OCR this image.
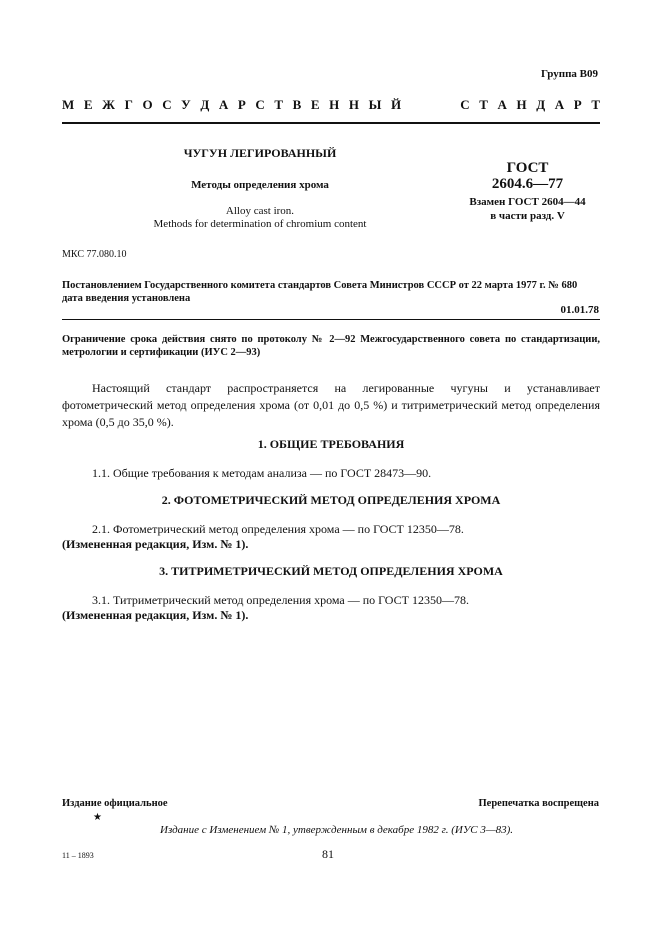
Группа В09
М Е Ж Г О С У Д А Р С Т В Е Н Н Ы Й	С Т А Н Д А Р Т
ЧУГУН ЛЕГИРОВАННЫЙ
Методы определения хрома
Alloy cast iron.
Methods for determination of chromium content
ГОСТ
2604.6—77
Взамен ГОСТ 2604—44
в части разд. V
МКС 77.080.10
Постановлением Государственного комитета стандартов Совета Министров СССР от 22 марта 1977 г. № 680
дата введения установлена
01.01.78
Ограничение срока действия снято по протоколу № 2—92 Межгосударственного совета по стандартизации, метрологии и сертификации (ИУС 2—93)
Настоящий стандарт распространяется на легированные чугуны и устанавливает фотометрический метод определения хрома (от 0,01 до 0,5 %) и титриметрический метод определения хрома (0,5 до 35,0 %).
1. ОБЩИЕ ТРЕБОВАНИЯ
1.1. Общие требования к методам анализа — по ГОСТ 28473—90.
2. ФОТОМЕТРИЧЕСКИЙ МЕТОД ОПРЕДЕЛЕНИЯ ХРОМА
2.1. Фотометрический метод определения хрома — по ГОСТ 12350—78.
(Измененная редакция, Изм. № 1).
3. ТИТРИМЕТРИЧЕСКИЙ МЕТОД ОПРЕДЕЛЕНИЯ ХРОМА
3.1. Титриметрический метод определения хрома — по ГОСТ 12350—78.
(Измененная редакция, Изм. № 1).
Издание официальное
★
Перепечатка воспрещена
Издание с Изменением № 1, утвержденным в декабре 1982 г. (ИУС 3—83).
11 – 1893	81
